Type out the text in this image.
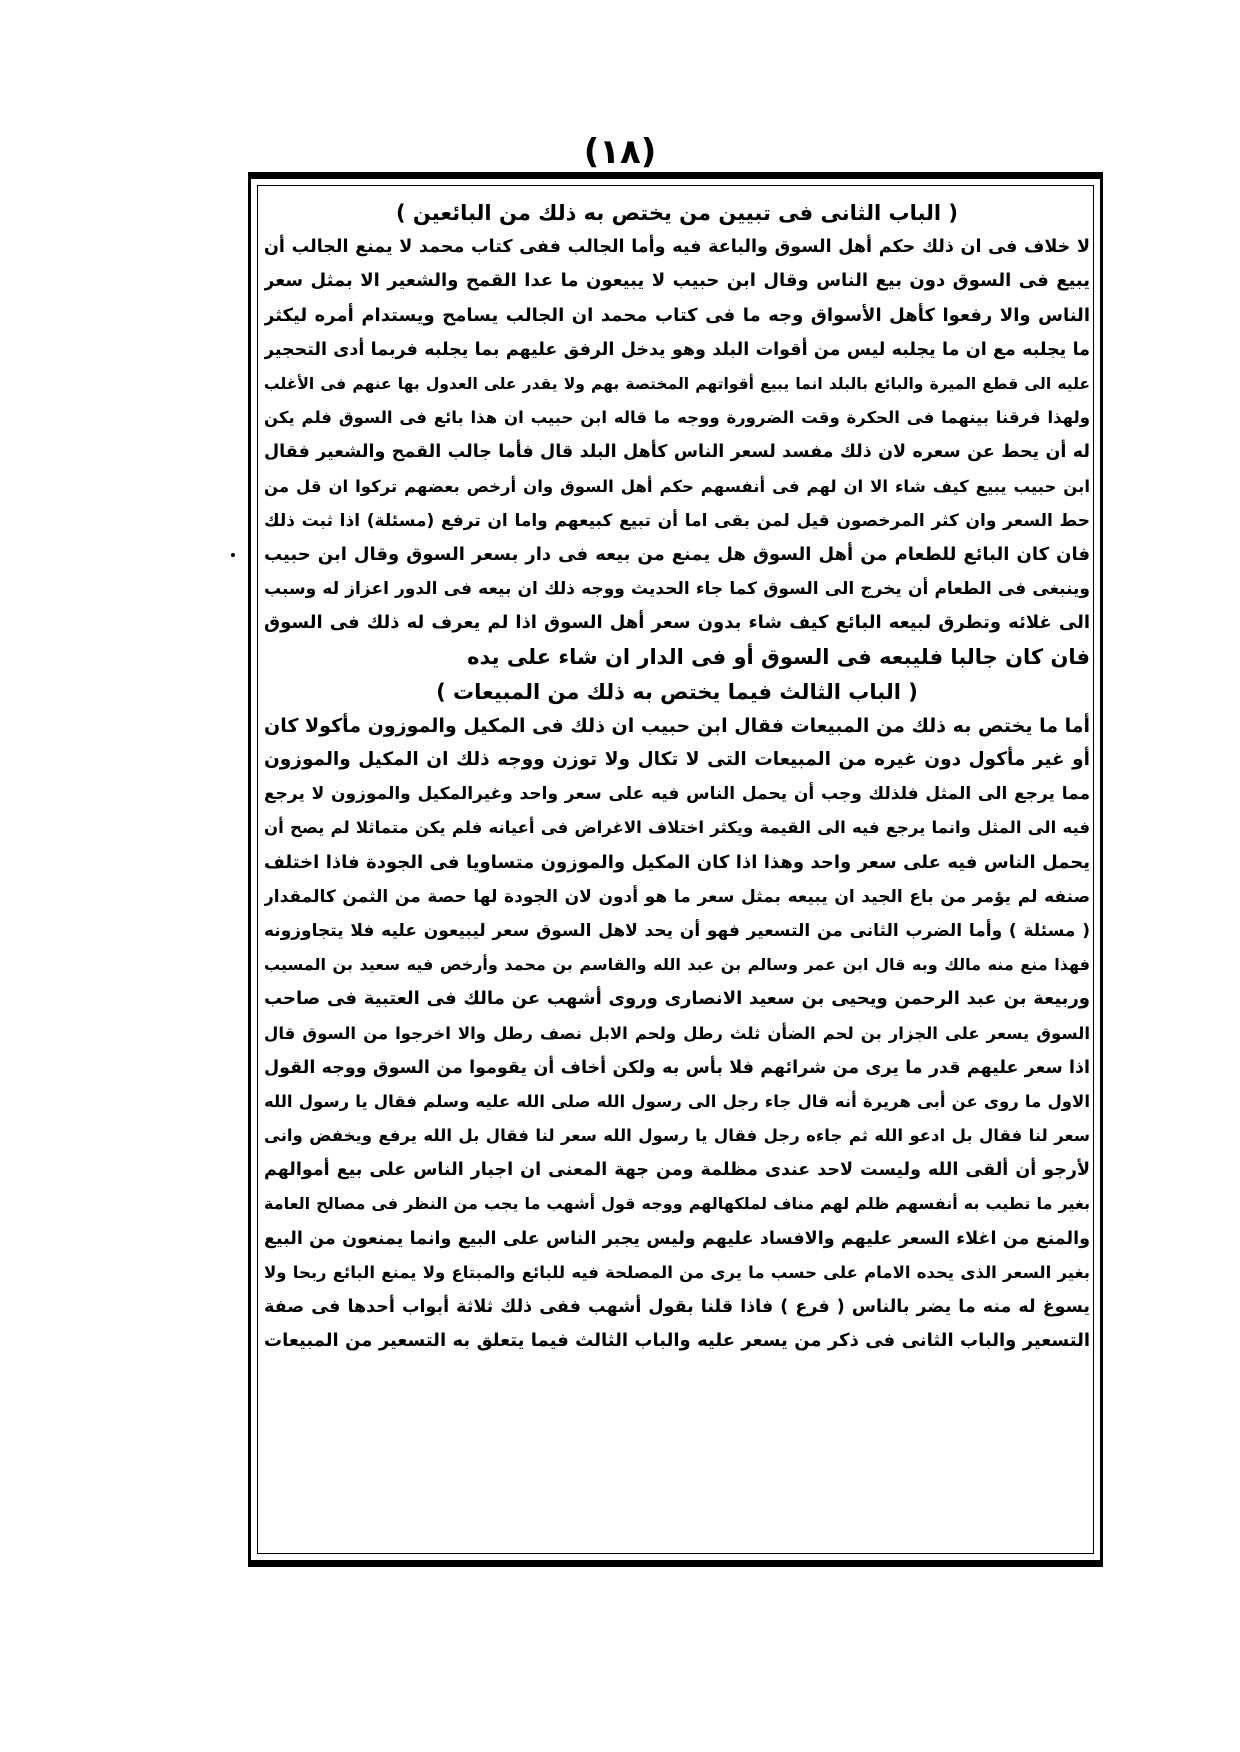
(١٨)
( الباب الثانى فى تبيين من يختص به ذلك من البائعين )
لا خلاف فى ان ذلك حكم أهل السوق والباعة فيه وأما الجالب ففى كتاب محمد لا يمنع الجالب أن
يبيع فى السوق دون بيع الناس وقال ابن حبيب لا يبيعون ما عدا القمح والشعير الا بمثل سعر
الناس والا رفعوا كأهل الأسواق وجه ما فى كتاب محمد ان الجالب يسامح ويستدام أمره ليكثر
ما يجلبه مع ان ما يجلبه ليس من أقوات البلد وهو يدخل الرفق عليهم بما يجلبه فربما أدى التحجير
عليه الى قطع الميرة والبائع بالبلد انما يبيع أقواتهم المختصة بهم ولا يقدر على العدول بها عنهم فى الأغلب
ولهذا فرقنا بينهما فى الحكرة وقت الضرورة ووجه ما قاله ابن حبيب ان هذا بائع فى السوق فلم يكن
له أن يحط عن سعره لان ذلك مفسد لسعر الناس كأهل البلد قال فأما جالب القمح والشعير فقال
ابن حبيب يبيع كيف شاء الا ان لهم فى أنفسهم حكم أهل السوق وان أرخص بعضهم تركوا ان قل من
حط السعر وان كثر المرخصون قيل لمن بقى اما أن تبيع كبيعهم واما ان ترفع (مسئلة) اذا ثبت ذلك
فان كان البائع للطعام من أهل السوق هل يمنع من بيعه فى دار بسعر السوق وقال ابن حبيب
وينبغى فى الطعام أن يخرج الى السوق كما جاء الحديث ووجه ذلك ان بيعه فى الدور اعزاز له وسبب
الى غلائه وتطرق لبيعه البائع كيف شاء بدون سعر أهل السوق اذا لم يعرف له ذلك فى السوق
فان كان جالبا فليبعه فى السوق أو فى الدار ان شاء على يده
( الباب الثالث فيما يختص به ذلك من المبيعات )
أما ما يختص به ذلك من المبيعات فقال ابن حبيب ان ذلك فى المكيل والموزون مأكولا كان
أو غير مأكول دون غيره من المبيعات التى لا تكال ولا توزن ووجه ذلك ان المكيل والموزون
مما يرجع الى المثل فلذلك وجب أن يحمل الناس فيه على سعر واحد وغيرالمكيل والموزون لا يرجع
فيه الى المثل وانما يرجع فيه الى القيمة ويكثر اختلاف الاغراض فى أعيانه فلم يكن متماثلا لم يصح أن
يحمل الناس فيه على سعر واحد وهذا اذا كان المكيل والموزون متساويا فى الجودة فاذا اختلف
صنفه لم يؤمر من باع الجيد ان يبيعه بمثل سعر ما هو أدون لان الجودة لها حصة من الثمن كالمقدار
( مسئلة ) وأما الضرب الثانى من التسعير فهو أن يحد لاهل السوق سعر ليبيعون عليه فلا يتجاوزونه
فهذا منع منه مالك وبه قال ابن عمر وسالم بن عبد الله والقاسم بن محمد وأرخص فيه سعيد بن المسيب
وربيعة بن عبد الرحمن ويحيى بن سعيد الانصارى وروى أشهب عن مالك فى العتبية فى صاحب
السوق يسعر على الجزار بن لحم الضأن ثلث رطل ولحم الابل نصف رطل والا اخرجوا من السوق قال
اذا سعر عليهم قدر ما يرى من شرائهم فلا بأس به ولكن أخاف أن يقوموا من السوق ووجه القول
الاول ما روى عن أبى هريرة أنه قال جاء رجل الى رسول الله صلى الله عليه وسلم فقال يا رسول الله
سعر لنا فقال بل ادعو الله ثم جاءه رجل فقال يا رسول الله سعر لنا فقال بل الله يرفع ويخفض وانى
لأرجو أن ألقى الله وليست لاحد عندى مظلمة ومن جهة المعنى ان اجبار الناس على بيع أموالهم
بغير ما تطيب به أنفسهم ظلم لهم مناف لملكهالهم ووجه قول أشهب ما يجب من النظر فى مصالح العامة
والمنع من اغلاء السعر عليهم والافساد عليهم وليس يجبر الناس على البيع وانما يمنعون من البيع
بغير السعر الذى يحده الامام على حسب ما يرى من المصلحة فيه للبائع والمبتاع ولا يمنع البائع ربحا ولا
يسوغ له منه ما يضر بالناس ( فرع ) فاذا قلنا بقول أشهب ففى ذلك ثلاثة أبواب أحدها فى صفة
التسعير والباب الثانى فى ذكر من يسعر عليه والباب الثالث فيما يتعلق به التسعير من المبيعات
